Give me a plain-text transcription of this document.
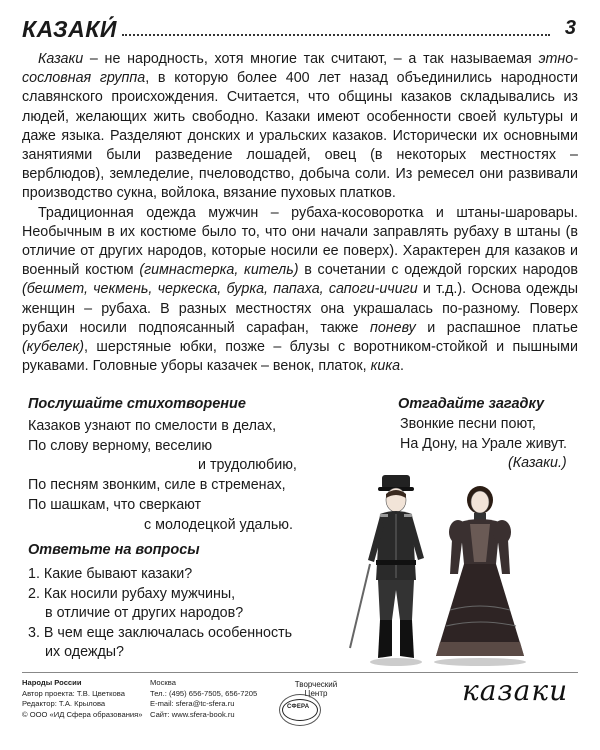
КАЗАКИ́	3

Казаки – не народность, хотя многие так считают, – а так называемая этносословная группа, в которую более 400 лет назад объединились народности славянского происхождения. Считается, что общины казаков складывались из людей, желающих жить свободно. Казаки имеют особенности своей культуры и даже языка. Разделяют донских и уральских казаков. Исторически их основными занятиями были разведение лошадей, овец (в некоторых местностях – верблюдов), земледелие, пчеловодство, добыча соли. Из ремесел они развивали производство сукна, войлока, вязание пуховых платков.

Традиционная одежда мужчин – рубаха-косоворотка и штаны-шаровары. Необычным в их костюме было то, что они начали заправлять рубаху в штаны (в отличие от других народов, которые носили ее поверх). Характерен для казаков и военный костюм (гимнастерка, китель) в сочетании с одеждой горских народов (бешмет, чекмень, черкеска, бурка, папаха, сапоги-ичиги и т.д.). Основа одежды женщин – рубаха. В разных местностях она украшалась по-разному. Поверх рубахи носили подпоясанный сарафан, также поневу и распашное платье (кубелек), шерстяные юбки, позже – блузы с воротником-стойкой и пышными рукавами. Головные уборы казачек – венок, платок, кика.

Послушайте стихотворение
Казаков узнают по смелости в делах,
По слову верному, веселию
и трудолюбию,
По песням звонким, силе в стременах,
По шашкам, что сверкают
с молодецкой удалью.
Ответьте на вопросы
1. Какие бывают казаки?
2. Как носили рубаху мужчины,
в отличие от других народов?
3. В чем еще заключалась особенность
их одежды?
Отгадайте загадку
Звонкие песни поют,
На Дону, на Урале живут.
(Казаки.)
Народы России
Автор проекта: Т.В. Цветкова
Редактор: Т.А. Крылова
© ООО «ИД Сфера образования»
Москва
Тел.: (495) 656-7505, 656-7205
E-mail: sfera@tc-sfera.ru
Сайт: www.sfera-book.ru
Творческий Центр
СФЕРА	казаки
